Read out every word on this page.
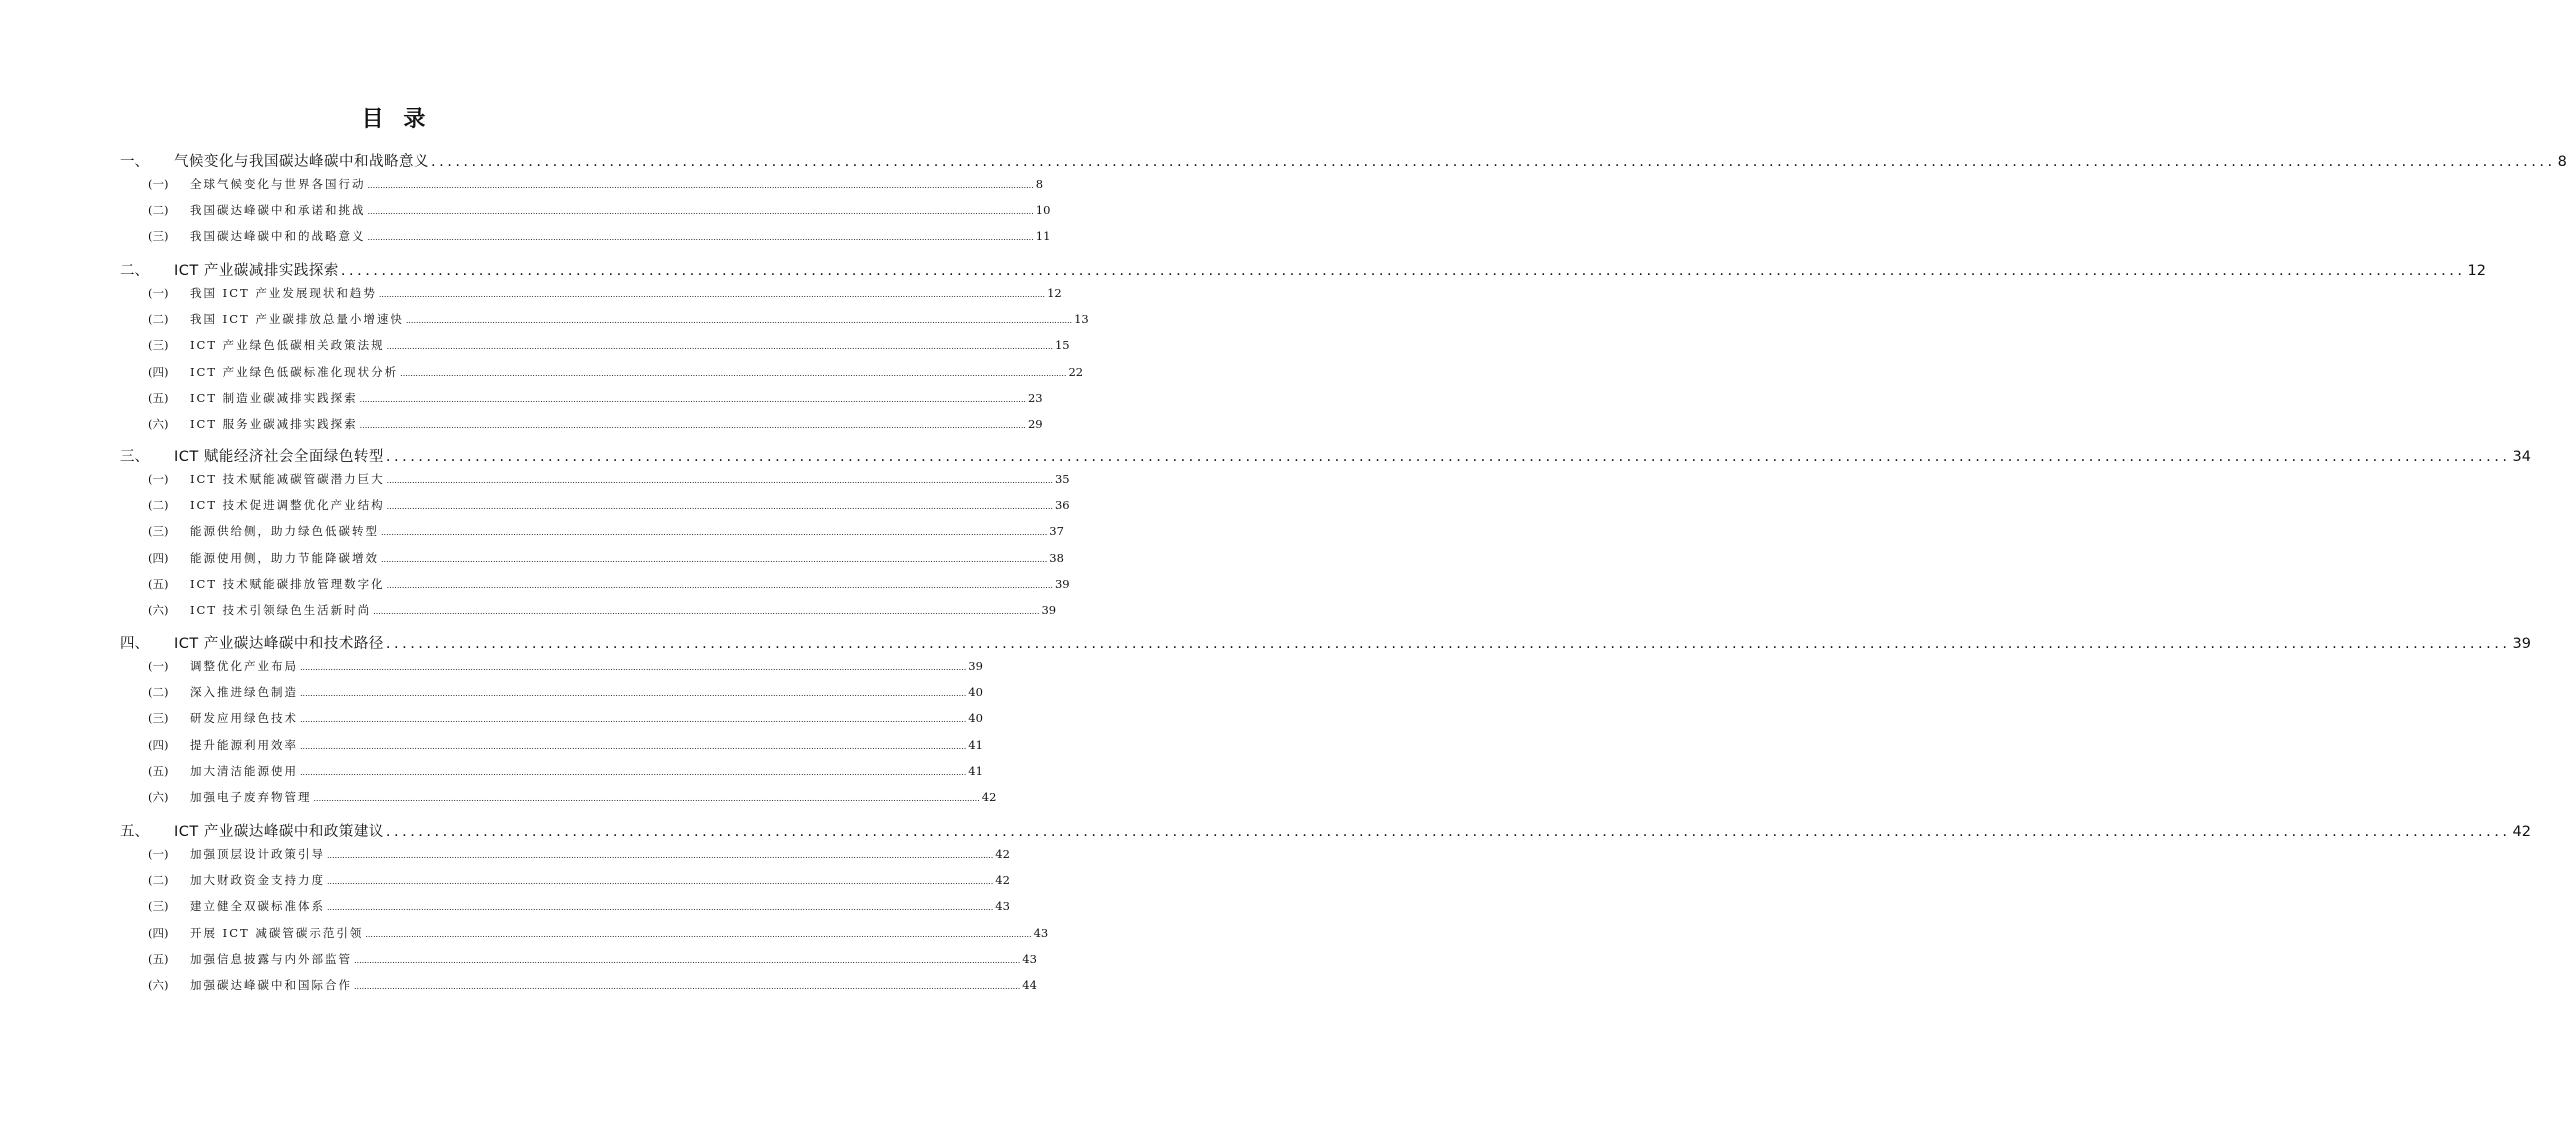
目 录
一、	气候变化与我国碳达峰碳中和战略意义 ...................................................................................................................................................................................................................................................................... 8
(一)	全球气候变化与世界各国行动 ...................................................................................................................................................................................................................................................................... 8
(二)	我国碳达峰碳中和承诺和挑战 ...................................................................................................................................................................................................................................................................... 10
(三)	我国碳达峰碳中和的战略意义 ...................................................................................................................................................................................................................................................................... 11
二、	ICT 产业碳减排实践探索 ...................................................................................................................................................................................................................................................................... 12
(一)	我国 ICT 产业发展现状和趋势 ...................................................................................................................................................................................................................................................................... 12
(二)	我国 ICT 产业碳排放总量小增速快 ...................................................................................................................................................................................................................................................................... 13
(三)	ICT 产业绿色低碳相关政策法规 ...................................................................................................................................................................................................................................................................... 15
(四)	ICT 产业绿色低碳标准化现状分析 ...................................................................................................................................................................................................................................................................... 22
(五)	ICT 制造业碳减排实践探索 ...................................................................................................................................................................................................................................................................... 23
(六)	ICT 服务业碳减排实践探索 ...................................................................................................................................................................................................................................................................... 29
三、	ICT 赋能经济社会全面绿色转型 ...................................................................................................................................................................................................................................................................... 34
(一)	ICT 技术赋能减碳管碳潜力巨大 ...................................................................................................................................................................................................................................................................... 35
(二)	ICT 技术促进调整优化产业结构 ...................................................................................................................................................................................................................................................................... 36
(三)	能源供给侧，助力绿色低碳转型 ...................................................................................................................................................................................................................................................................... 37
(四)	能源使用侧，助力节能降碳增效 ...................................................................................................................................................................................................................................................................... 38
(五)	ICT 技术赋能碳排放管理数字化 ...................................................................................................................................................................................................................................................................... 39
(六)	ICT 技术引领绿色生活新时尚 ...................................................................................................................................................................................................................................................................... 39
四、	ICT 产业碳达峰碳中和技术路径 ...................................................................................................................................................................................................................................................................... 39
(一)	调整优化产业布局 ...................................................................................................................................................................................................................................................................... 39
(二)	深入推进绿色制造 ...................................................................................................................................................................................................................................................................... 40
(三)	研发应用绿色技术 ...................................................................................................................................................................................................................................................................... 40
(四)	提升能源利用效率 ...................................................................................................................................................................................................................................................................... 41
(五)	加大清洁能源使用 ...................................................................................................................................................................................................................................................................... 41
(六)	加强电子废弃物管理 ...................................................................................................................................................................................................................................................................... 42
五、	ICT 产业碳达峰碳中和政策建议 ...................................................................................................................................................................................................................................................................... 42
(一)	加强顶层设计政策引导 ...................................................................................................................................................................................................................................................................... 42
(二)	加大财政资金支持力度 ...................................................................................................................................................................................................................................................................... 42
(三)	建立健全双碳标准体系 ...................................................................................................................................................................................................................................................................... 43
(四)	开展 ICT 减碳管碳示范引领 ...................................................................................................................................................................................................................................................................... 43
(五)	加强信息披露与内外部监管 ...................................................................................................................................................................................................................................................................... 43
(六)	加强碳达峰碳中和国际合作 ...................................................................................................................................................................................................................................................................... 44
